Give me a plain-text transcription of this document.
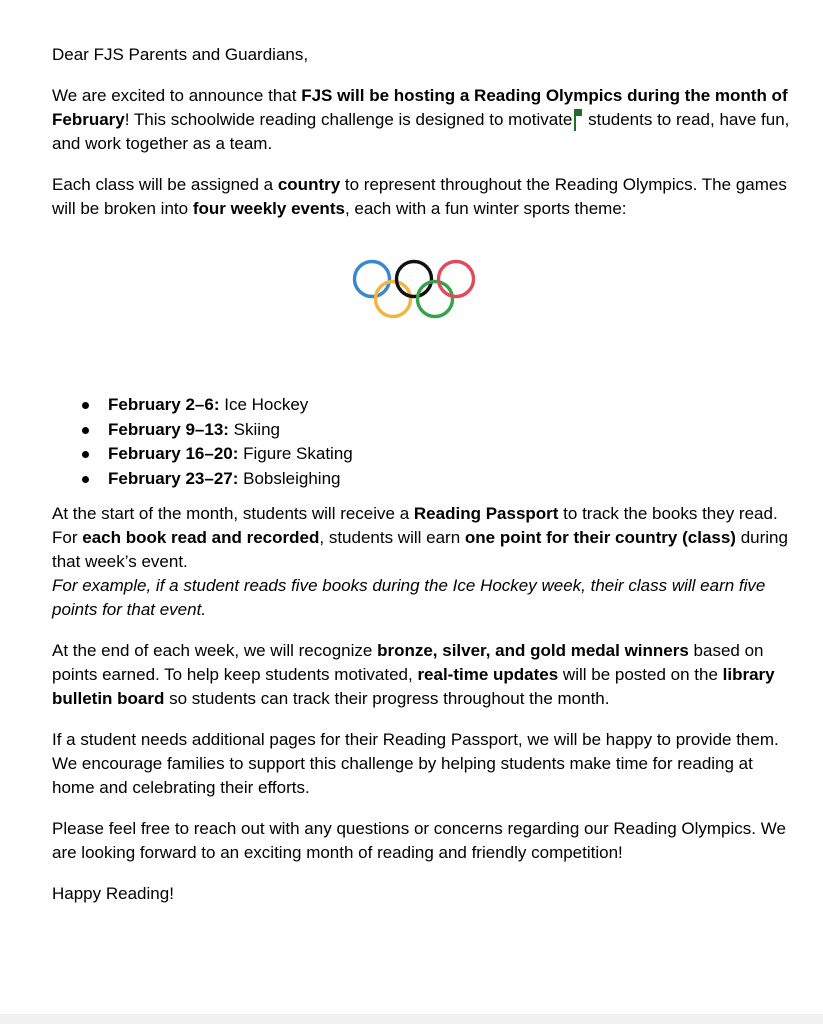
Dear FJS Parents and Guardians,

We are excited to announce that FJS will be hosting a Reading Olympics during the month of February! This schoolwide reading challenge is designed to motivate
students to read, have fun, and work together as a team.

Each class will be assigned a country to represent throughout the Reading Olympics. The games will be broken into four weekly events, each with a fun winter sports theme:

February 2–6: Ice Hockey
February 9–13: Skiing
February 16–20: Figure Skating
February 23–27: Bobsleighing

At the start of the month, students will receive a Reading Passport to track the books they read. For each book read and recorded, students will earn one point for their country (class) during that week’s event.

For example, if a student reads five books during the Ice Hockey week, their class will earn five points for that event.

At the end of each week, we will recognize bronze, silver, and gold medal winners based on points earned. To help keep students motivated, real-time updates will be posted on the library bulletin board so students can track their progress throughout the month.

If a student needs additional pages for their Reading Passport, we will be happy to provide them. We encourage families to support this challenge by helping students make time for reading at home and celebrating their efforts.

Please feel free to reach out with any questions or concerns regarding our Reading Olympics. We are looking forward to an exciting month of reading and friendly competition!

Happy Reading!
